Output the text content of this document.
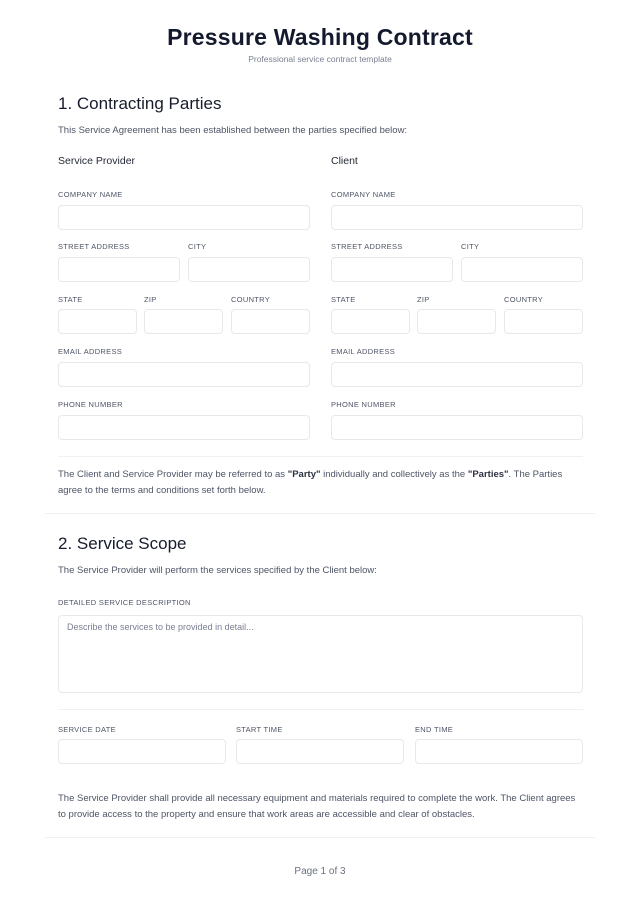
Pressure Washing Contract
Professional service contract template
1. Contracting Parties
This Service Agreement has been established between the parties specified below:
Service Provider	Client
COMPANY NAME
STREET ADDRESS	CITY
STATE	ZIP	COUNTRY
EMAIL ADDRESS
PHONE NUMBER
COMPANY NAME
STREET ADDRESS	CITY
STATE	ZIP	COUNTRY
EMAIL ADDRESS
PHONE NUMBER
The Client and Service Provider may be referred to as "Party" individually and collectively as the "Parties". The Parties agree to the terms and conditions set forth below.
2. Service Scope
The Service Provider will perform the services specified by the Client below:
DETAILED SERVICE DESCRIPTION
Describe the services to be provided in detail...
SERVICE DATE	START TIME	END TIME
The Service Provider shall provide all necessary equipment and materials required to complete the work. The Client agrees to provide access to the property and ensure that work areas are accessible and clear of obstacles.
Page 1 of 3
